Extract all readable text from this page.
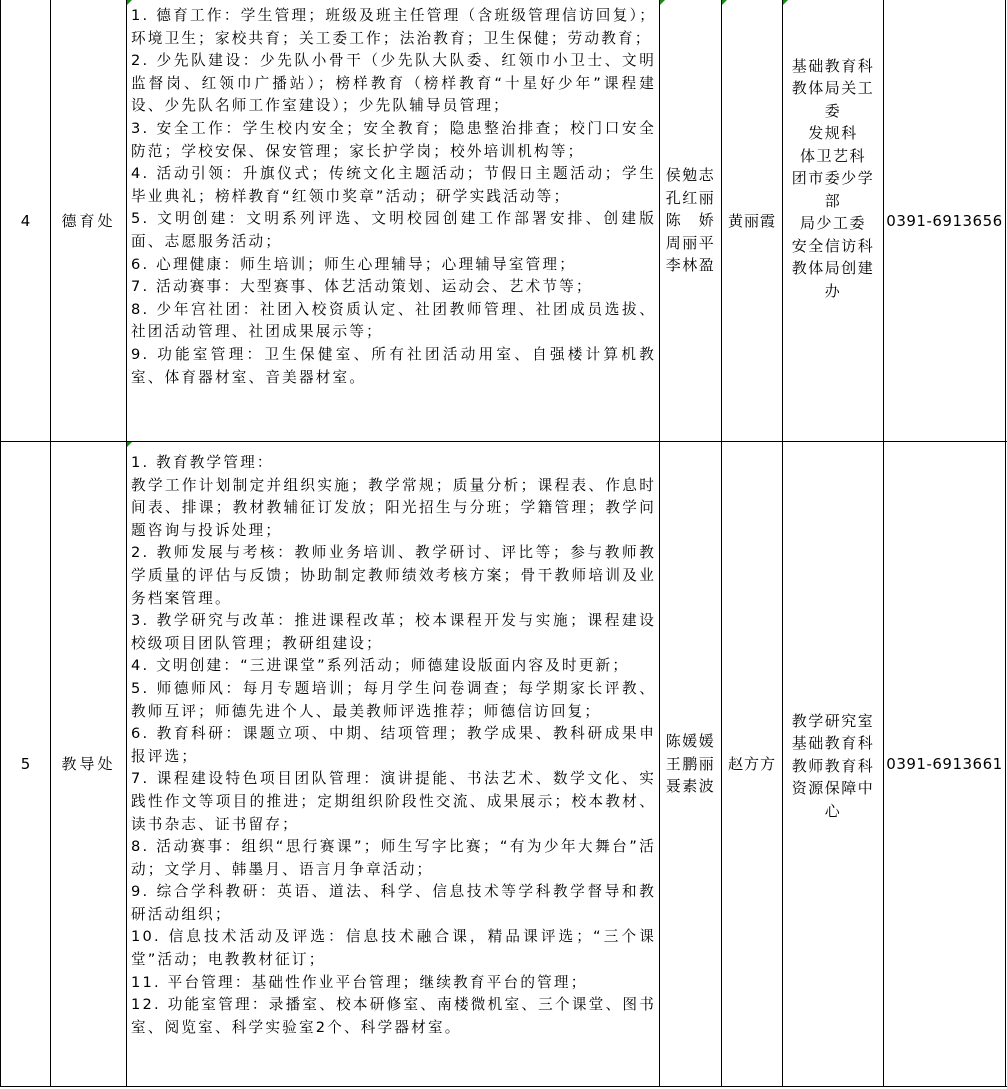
4	德育处
1. 德育工作：学生管理；班级及班主任管理（含班级管理信访回复）；环境卫生；家校共育；关工委工作；法治教育；卫生保健；劳动教育；
2. 少先队建设：少先队小骨干（少先队大队委、红领巾小卫士、文明监督岗、红领巾广播站）；榜样教育（榜样教育“十星好少年”课程建设、少先队名师工作室建设）；少先队辅导员管理；
3. 安全工作：学生校内安全；安全教育；隐患整治排查；校门口安全防范；学校安保、保安管理；家长护学岗；校外培训机构等；
4. 活动引领：升旗仪式；传统文化主题活动；节假日主题活动；学生毕业典礼；榜样教育“红领巾奖章”活动；研学实践活动等；
5. 文明创建：文明系列评选、文明校园创建工作部署安排、创建版面、志愿服务活动；
6. 心理健康：师生培训；师生心理辅导；心理辅导室管理；
7. 活动赛事：大型赛事、体艺活动策划、运动会、艺术节等；
8. 少年宫社团：社团入校资质认定、社团教师管理、社团成员选拔、社团活动管理、社团成果展示等；
9. 功能室管理：卫生保健室、所有社团活动用室、自强楼计算机教室、体育器材室、音美器材室。
侯勉志
孔红丽
陈　娇
周丽平
李林盈
黄丽霞
基础教育科
教体局关工
委
发规科
体卫艺科
团市委少学
部
局少工委
安全信访科
教体局创建
办
0391-6913656
5	教导处
1. 教育教学管理：
教学工作计划制定并组织实施；教学常规；质量分析；课程表、作息时间表、排课；教材教辅征订发放；阳光招生与分班；学籍管理；教学问题咨询与投诉处理；
2. 教师发展与考核：教师业务培训、教学研讨、评比等；参与教师教学质量的评估与反馈；协助制定教师绩效考核方案；骨干教师培训及业务档案管理。
3. 教学研究与改革：推进课程改革；校本课程开发与实施；课程建设校级项目团队管理；教研组建设；
4. 文明创建：“三进课堂”系列活动；师德建设版面内容及时更新；
5. 师德师风：每月专题培训；每月学生问卷调查；每学期家长评教、教师互评；师德先进个人、最美教师评选推荐；师德信访回复；
6. 教育科研：课题立项、中期、结项管理；教学成果、教科研成果申报评选；
7. 课程建设特色项目团队管理：演讲提能、书法艺术、数学文化、实践性作文等项目的推进；定期组织阶段性交流、成果展示；校本教材、读书杂志、证书留存；
8. 活动赛事：组织“思行赛课”；师生写字比赛；“有为少年大舞台”活动；文学月、韩墨月、语言月争章活动；
9. 综合学科教研：英语、道法、科学、信息技术等学科教学督导和教研活动组织；
10. 信息技术活动及评选：信息技术融合课，精品课评选；“三个课堂”活动；电教教材征订；
11. 平台管理：基础性作业平台管理；继续教育平台的管理；
12. 功能室管理：录播室、校本研修室、南楼微机室、三个课堂、图书室、阅览室、科学实验室2个、科学器材室。
陈媛媛
王鹏丽
聂素波
赵方方
教学研究室
基础教育科
教师教育科
资源保障中
心
0391-6913661
